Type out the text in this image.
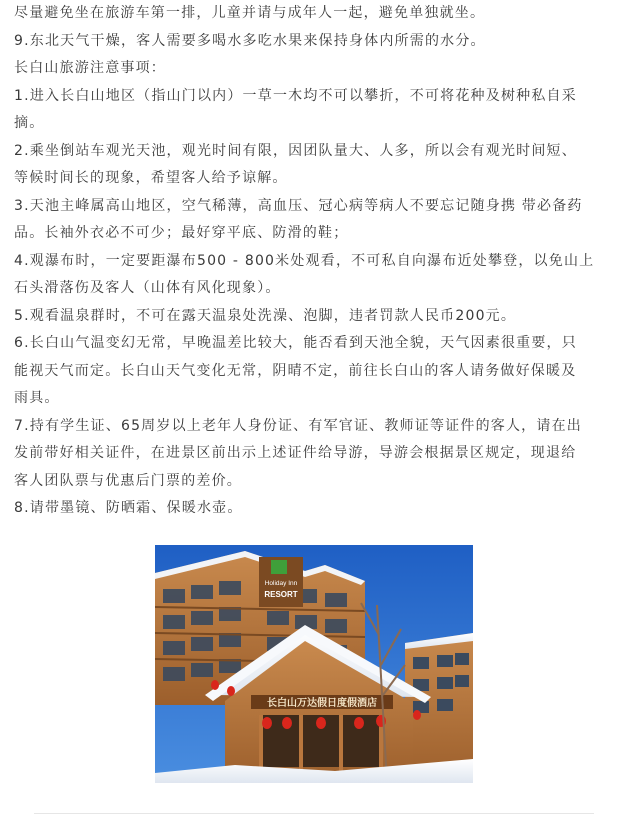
尽量避免坐在旅游车第一排，儿童并请与成年人一起，避免单独就坐。

9.东北天气干燥，客人需要多喝水多吃水果来保持身体内所需的水分。

长白山旅游注意事项：

1.进入长白山地区（指山门以内）一草一木均不可以攀折，不可将花种及树种私自采

摘。

2.乘坐倒站车观光天池，观光时间有限，因团队量大、人多，所以会有观光时间短、

等候时间长的现象，希望客人给予谅解。

3.天池主峰属高山地区，空气稀薄，高血压、冠心病等病人不要忘记随身携 带必备药

品。长袖外衣必不可少；最好穿平底、防滑的鞋；

4.观瀑布时，一定要距瀑布500 - 800米处观看，不可私自向瀑布近处攀登，以免山上

石头滑落伤及客人（山体有风化现象）。

5.观看温泉群时，不可在露天温泉处洗澡、泡脚，违者罚款人民币200元。

6.长白山气温变幻无常，早晚温差比较大，能否看到天池全貌，天气因素很重要，只

能视天气而定。长白山天气变化无常，阴晴不定，前往长白山的客人请务做好保暖及

雨具。

7.持有学生证、65周岁以上老年人身份证、有军官证、教师证等证件的客人，请在出

发前带好相关证件，在进景区前出示上述证件给导游，导游会根据景区规定，现退给

客人团队票与优惠后门票的差价。

8.请带墨镜、防晒霜、保暖水壶。

Holiday Inn
RESORT
长白山万达假日度假酒店
